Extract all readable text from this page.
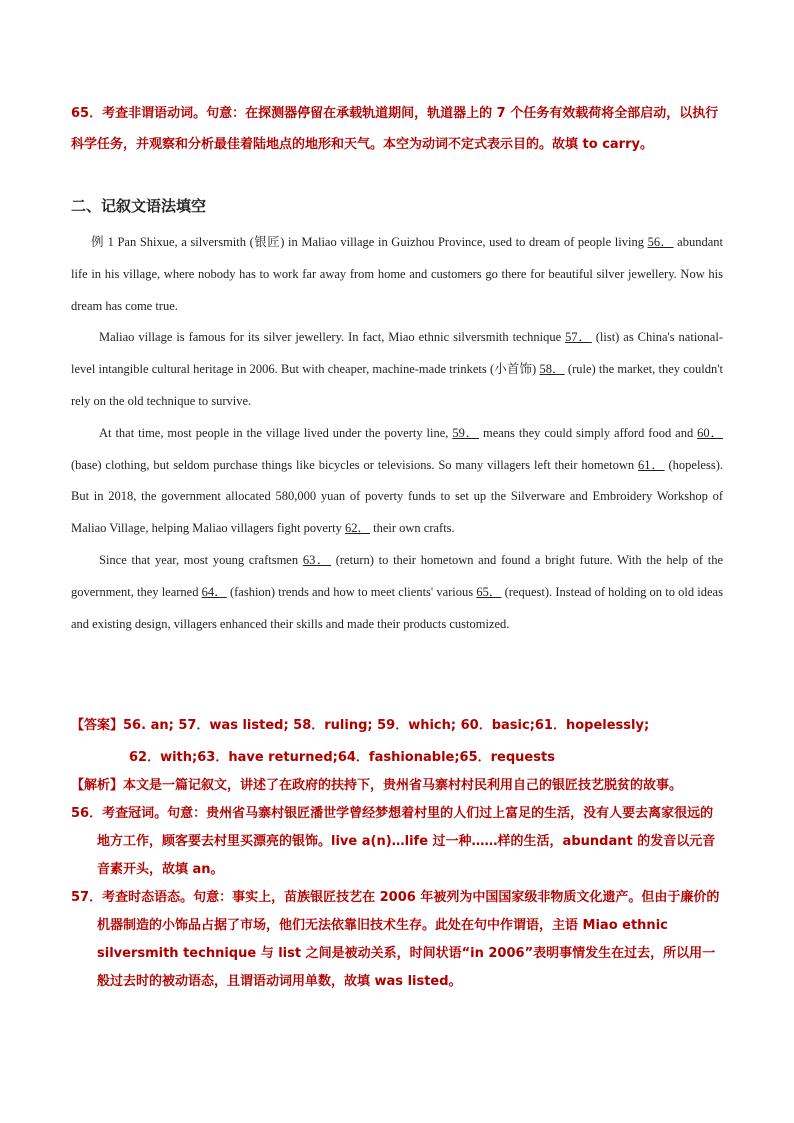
65．考查非谓语动词。句意：在探测器停留在承载轨道期间，轨道器上的 7 个任务有效载荷将全部启动，以执行科学任务，并观察和分析最佳着陆地点的地形和天气。本空为动词不定式表示目的。故填 to carry。
二、记叙文语法填空

例 1 Pan Shixue, a silversmith (银匠) in Maliao village in Guizhou Province, used to dream of people living 56． abundant life in his village, where nobody has to work far away from home and customers go there for beautiful silver jewellery. Now his dream has come true.

Maliao village is famous for its silver jewellery. In fact, Miao ethnic silversmith technique 57． (list) as China's national-level intangible cultural heritage in 2006. But with cheaper, machine-made trinkets (小首饰) 58． (rule) the market, they couldn't rely on the old technique to survive.

At that time, most people in the village lived under the poverty line, 59． means they could simply afford food and 60． (base) clothing, but seldom purchase things like bicycles or televisions. So many villagers left their hometown 61． (hopeless). But in 2018, the government allocated 580,000 yuan of poverty funds to set up the Silverware and Embroidery Workshop of Maliao Village, helping Maliao villagers fight poverty 62． their own crafts.

Since that year, most young craftsmen 63． (return) to their hometown and found a bright future. With the help of the government, they learned 64． (fashion) trends and how to meet clients' various 65． (request). Instead of holding on to old ideas and existing design, villagers enhanced their skills and made their products customized.

【答案】56. an; 57．was listed; 58．ruling; 59．which; 60．basic;61．hopelessly;
62．with;63．have returned;64．fashionable;65．requests
【解析】本文是一篇记叙文，讲述了在政府的扶持下，贵州省马寨村村民利用自己的银匠技艺脱贫的故事。
56．考查冠词。句意：贵州省马寨村银匠潘世学曾经梦想着村里的人们过上富足的生活，没有人要去离家很远的地方工作，顾客要去村里买漂亮的银饰。live a(n)…life 过一种……样的生活，abundant 的发音以元音音素开头，故填 an。
57．考查时态语态。句意：事实上，苗族银匠技艺在 2006 年被列为中国国家级非物质文化遗产。但由于廉价的机器制造的小饰品占据了市场，他们无法依靠旧技术生存。此处在句中作谓语，主语 Miao ethnic silversmith technique 与 list 之间是被动关系，时间状语“in 2006”表明事情发生在过去，所以用一般过去时的被动语态，且谓语动词用单数，故填 was listed。
